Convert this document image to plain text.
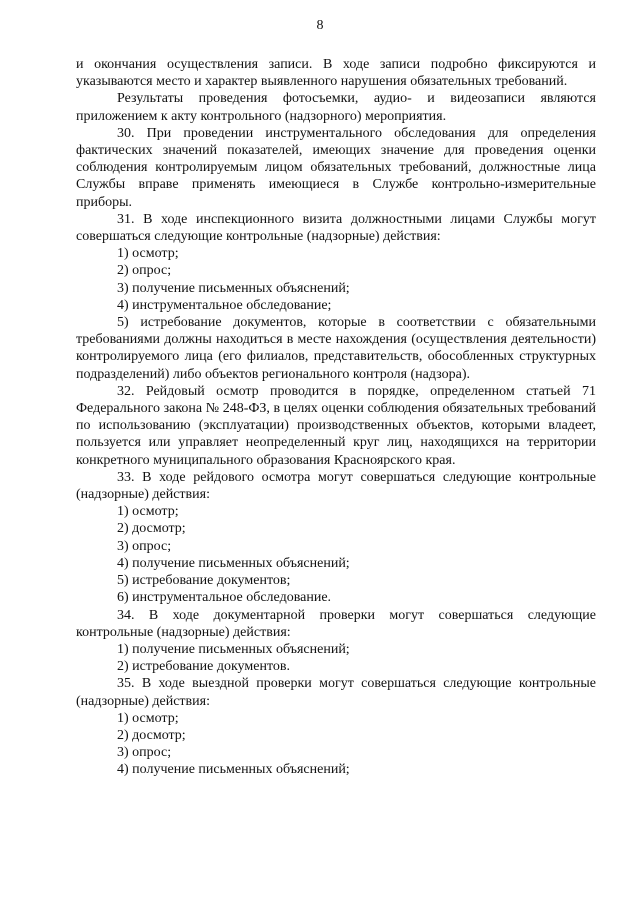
8

и окончания осуществления записи. В ходе записи подробно фиксируются и указываются место и характер выявленного нарушения обязательных требований.

Результаты проведения фотосъемки, аудио- и видеозаписи являются приложением к акту контрольного (надзорного) мероприятия.

30. При проведении инструментального обследования для определения фактических значений показателей, имеющих значение для проведения оценки соблюдения контролируемым лицом обязательных требований, должностные лица Службы вправе применять имеющиеся в Службе контрольно-измерительные приборы.

31. В ходе инспекционного визита должностными лицами Службы могут совершаться следующие контрольные (надзорные) действия:

1) осмотр;

2) опрос;

3) получение письменных объяснений;

4) инструментальное обследование;

5) истребование документов, которые в соответствии с обязательными требованиями должны находиться в месте нахождения (осуществления деятельности) контролируемого лица (его филиалов, представительств, обособленных структурных подразделений) либо объектов регионального контроля (надзора).

32. Рейдовый осмотр проводится в порядке, определенном статьей 71 Федерального закона № 248-ФЗ, в целях оценки соблюдения обязательных требований по использованию (эксплуатации) производственных объектов, которыми владеет, пользуется или управляет неопределенный круг лиц, находящихся на территории конкретного муниципального образования Красноярского края.

33. В ходе рейдового осмотра могут совершаться следующие контрольные (надзорные) действия:

1) осмотр;

2) досмотр;

3) опрос;

4) получение письменных объяснений;

5) истребование документов;

6) инструментальное обследование.

34. В ходе документарной проверки могут совершаться следующие контрольные (надзорные) действия:

1) получение письменных объяснений;

2) истребование документов.

35. В ходе выездной проверки могут совершаться следующие контрольные (надзорные) действия:

1) осмотр;

2) досмотр;

3) опрос;

4) получение письменных объяснений;
